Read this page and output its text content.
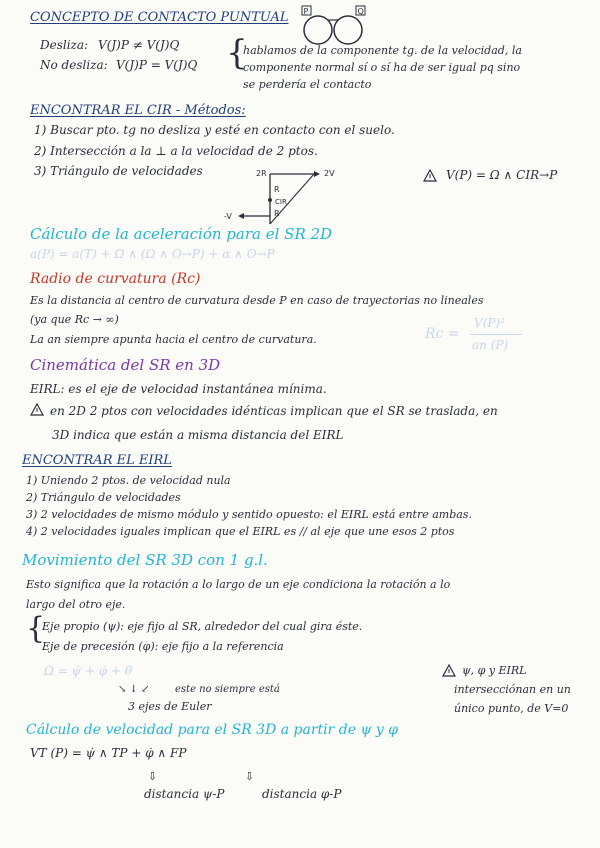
CONCEPTO DE CONTACTO PUNTUAL P	Q
Desliza: V(J)P ≠ V(J)Q
No desliza: V(J)P = V(J)Q {
hablamos de la componente tg. de la velocidad, la
componente normal sí o sí ha de ser igual pq sino
se perdería el contacto
ENCONTRAR EL CIR - Métodos:
1) Buscar pto. tg no desliza y esté en contacto con el suelo.
2) Intersección a la ⊥ a la velocidad de 2 ptos.
3) Triángulo de velocidades	2R	2V
R
-V
CIR
R
V(P) = Ω ∧ CIR→P
Cálculo de la aceleración para el SR 2D
a(P) = a(T) + Ω ∧ (Ω ∧ O→P) + α ∧ O→P
Radio de curvatura (Rc)
Es la distancia al centro de curvatura desde P en caso de trayectorias no lineales
(ya que Rc → ∞)
La an siempre apunta hacia el centro de curvatura.	Rc =
V(P)²
an (P)
Cinemática del SR en 3D
EIRL: es el eje de velocidad instantánea mínima.
en 2D 2 ptos con velocidades idénticas implican que el SR se traslada, en
3D indica que están a misma distancia del EIRL
ENCONTRAR EL EIRL
1) Uniendo 2 ptos. de velocidad nula
2) Triángulo de velocidades
3) 2 velocidades de mismo módulo y sentido opuesto: el EIRL está entre ambas.
4) 2 velocidades iguales implican que el EIRL es // al eje que une esos 2 ptos
Movimiento del SR 3D con 1 g.l.
Esto significa que la rotación a lo largo de un eje condiciona la rotación a lo
largo del otro eje.
{
Eje propio (ψ): eje fijo al SR, alrededor del cual gira éste.
Eje de precesión (φ): eje fijo a la referencia
Ω = ψ̇ + φ̇ + θ̇
↘ ↓ ↙	este no siempre está
3 ejes de Euler
ψ, φ y EIRL
intersecciónan en un
único punto, de V=0
Cálculo de velocidad para el SR 3D a partir de ψ y φ
VT (P) = ψ̇ ∧ TP + φ̇ ∧ FP
⇩	⇩
distancia ψ-P	distancia φ-P
